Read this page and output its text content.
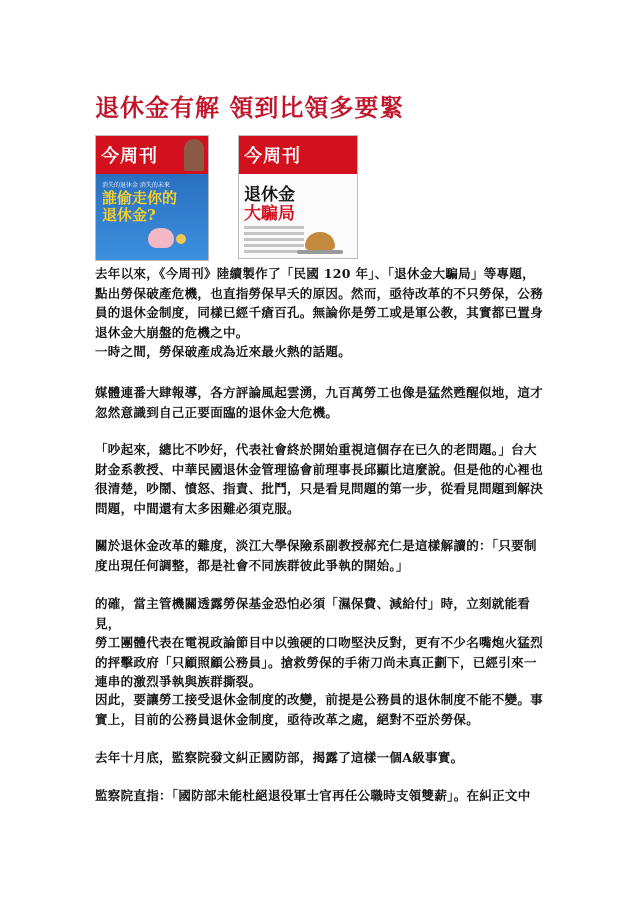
退休金有解 領到比領多要緊
今周刊
消失的退休金 消失的未來
誰偷走你的
退休金?
今周刊
退休金
大騙局

去年以來，《今周刊》陸續製作了「民國 120 年」、「退休金大騙局」等專題，
點出勞保破產危機，也直指勞保早夭的原因。然而，亟待改革的不只勞保，公務
員的退休金制度，同樣已經千瘡百孔。無論你是勞工或是軍公教，其實都已置身
退休金大崩盤的危機之中。
一時之間，勞保破產成為近來最火熱的話題。

媒體連番大肆報導，各方評論風起雲湧，九百萬勞工也像是猛然甦醒似地，這才
忽然意識到自己正要面臨的退休金大危機。

「吵起來，總比不吵好，代表社會終於開始重視這個存在已久的老問題。」台大
財金系教授、中華民國退休金管理協會前理事長邱顯比這麼說。但是他的心裡也
很清楚，吵鬧、憤怒、指責、批鬥，只是看見問題的第一步，從看見問題到解決
問題，中間還有太多困難必須克服。

關於退休金改革的難度，淡江大學保險系副教授郝充仁是這樣解讀的：「只要制
度出現任何調整，都是社會不同族群彼此爭執的開始。」

的確，當主管機關透露勞保基金恐怕必須「濕保費、減給付」時，立刻就能看見，
勞工團體代表在電視政論節目中以強硬的口吻堅決反對，更有不少名嘴炮火猛烈
的抨擊政府「只顧照顧公務員」。搶救勞保的手術刀尚未真正劃下，已經引來一
連串的激烈爭執與族群撕裂。

因此，要讓勞工接受退休金制度的改變，前提是公務員的退休制度不能不變。事
實上，目前的公務員退休金制度，亟待改革之處，絕對不亞於勞保。

去年十月底，監察院發文糾正國防部，揭露了這樣一個A級事實。

監察院直指：「國防部未能杜絕退役軍士官再任公職時支領雙薪」。在糾正文中
